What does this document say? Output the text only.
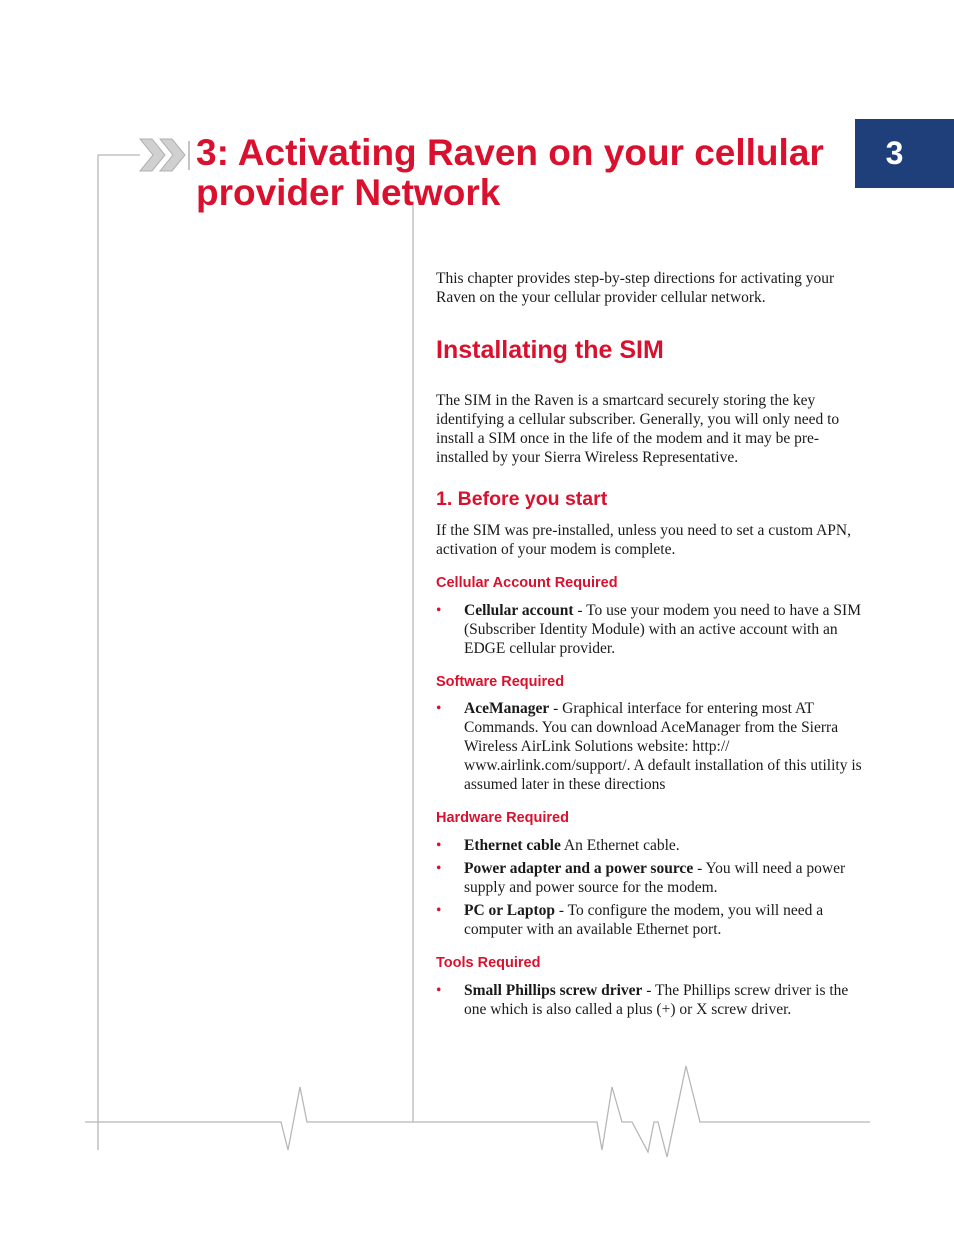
3
3: Activating Raven on your cellular provider Network

This chapter provides step-by-step directions for activating your Raven on the your cellular provider cellular network.

Installating the SIM

The SIM in the Raven is a smartcard securely storing the key identifying a cellular subscriber. Generally, you will only need to install a SIM once in the life of the modem and it may be pre-installed by your Sierra Wireless Representative.

1. Before you start

If the SIM was pre-installed, unless you need to set a custom APN, activation of your modem is complete.

Cellular Account Required
• Cellular account - To use your modem you need to have a SIM (Subscriber Identity Module) with an active account with an EDGE cellular provider.
Software Required
• AceManager - Graphical interface for entering most AT Commands. You can download AceManager from the Sierra Wireless AirLink Solutions website: http:// www.airlink.com/support/. A default installation of this utility is assumed later in these directions
Hardware Required
• Ethernet cable An Ethernet cable.
• Power adapter and a power source - You will need a power supply and power source for the modem.
• PC or Laptop - To configure the modem, you will need a computer with an available Ethernet port.
Tools Required
• Small Phillips screw driver - The Phillips screw driver is the one which is also called a plus (+) or X screw driver.
